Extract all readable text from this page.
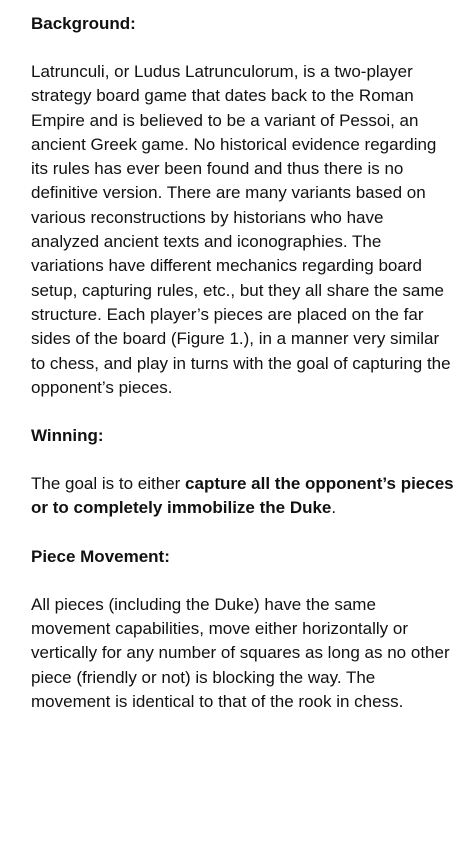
Background:

Latrunculi, or Ludus Latrunculorum, is a two-player strategy board game that dates back to the Roman Empire and is believed to be a variant of Pessoi, an ancient Greek game. No historical evidence regarding its rules has ever been found and thus there is no definitive version. There are many variants based on various reconstructions by historians who have analyzed ancient texts and iconographies. The variations have different mechanics regarding board setup, capturing rules, etc., but they all share the same structure. Each player’s pieces are placed on the far sides of the board (Figure 1.), in a manner very similar to chess, and play in turns with the goal of capturing the opponent’s pieces.

Winning:

The goal is to either capture all the opponent’s pieces or to completely immobilize the Duke.

Piece Movement:

All pieces (including the Duke) have the same movement capabilities, move either horizontally or vertically for any number of squares as long as no other piece (friendly or not) is blocking the way. The movement is identical to that of the rook in chess.
